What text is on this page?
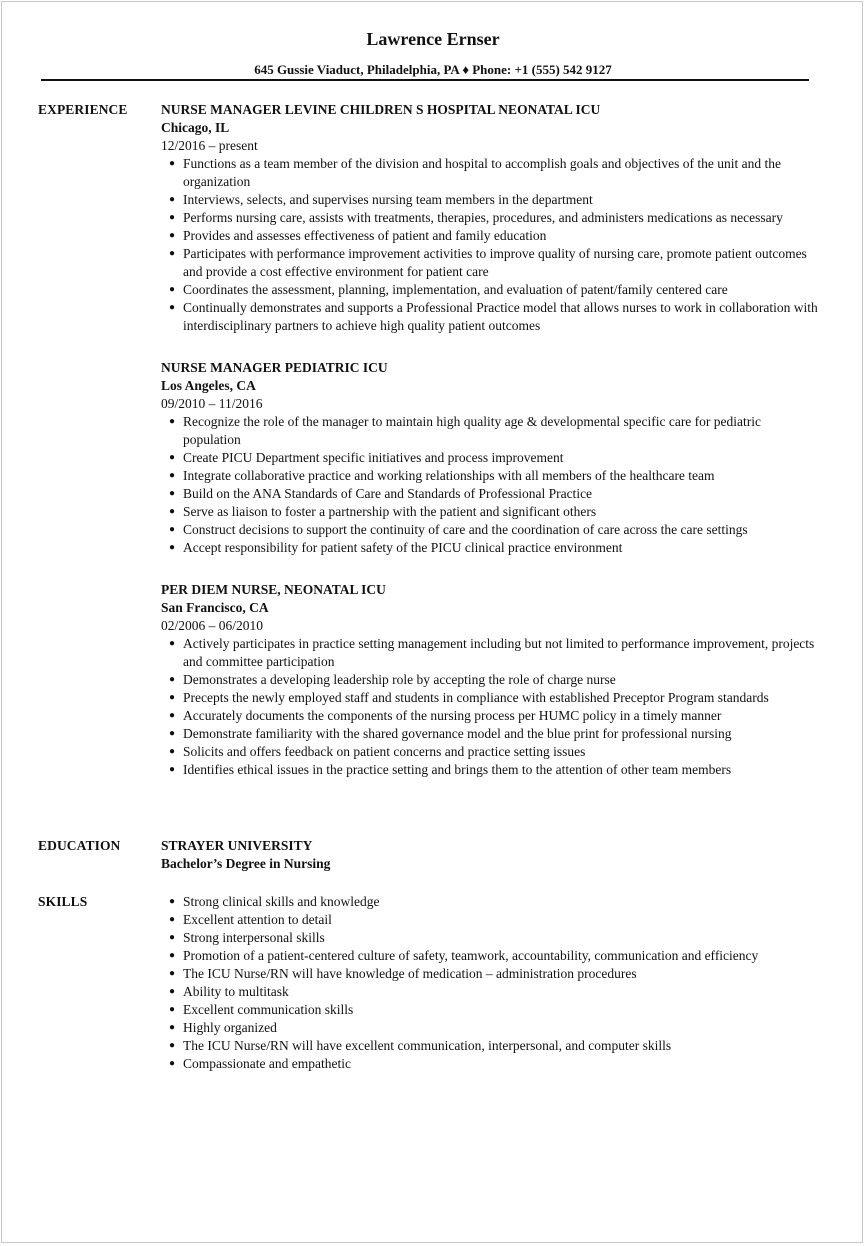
Lawrence Ernser
645 Gussie Viaduct, Philadelphia, PA ♦ Phone: +1 (555) 542 9127
EXPERIENCE NURSE MANAGER LEVINE CHILDREN S HOSPITAL NEONATAL ICU
Chicago, IL
12/2016 – present
● Functions as a team member of the division and hospital to accomplish goals and objectives of the unit and the organization
● Interviews, selects, and supervises nursing team members in the department
● Performs nursing care, assists with treatments, therapies, procedures, and administers medications as necessary
● Provides and assesses effectiveness of patient and family education
● Participates with performance improvement activities to improve quality of nursing care, promote patient outcomes and provide a cost effective environment for patient care
● Coordinates the assessment, planning, implementation, and evaluation of patent/family centered care
● Continually demonstrates and supports a Professional Practice model that allows nurses to work in collaboration with interdisciplinary partners to achieve high quality patient outcomes
NURSE MANAGER PEDIATRIC ICU
Los Angeles, CA
09/2010 – 11/2016
● Recognize the role of the manager to maintain high quality age & developmental specific care for pediatric population
● Create PICU Department specific initiatives and process improvement
● Integrate collaborative practice and working relationships with all members of the healthcare team
● Build on the ANA Standards of Care and Standards of Professional Practice
● Serve as liaison to foster a partnership with the patient and significant others
● Construct decisions to support the continuity of care and the coordination of care across the care settings
● Accept responsibility for patient safety of the PICU clinical practice environment
PER DIEM NURSE, NEONATAL ICU
San Francisco, CA
02/2006 – 06/2010
● Actively participates in practice setting management including but not limited to performance improvement, projects and committee participation
● Demonstrates a developing leadership role by accepting the role of charge nurse
● Precepts the newly employed staff and students in compliance with established Preceptor Program standards
● Accurately documents the components of the nursing process per HUMC policy in a timely manner
● Demonstrate familiarity with the shared governance model and the blue print for professional nursing
● Solicits and offers feedback on patient concerns and practice setting issues
● Identifies ethical issues in the practice setting and brings them to the attention of other team members
EDUCATION	STRAYER UNIVERSITY
Bachelor’s Degree in Nursing
SKILLS	● Strong clinical skills and knowledge
● Excellent attention to detail
● Strong interpersonal skills
● Promotion of a patient-centered culture of safety, teamwork, accountability, communication and efficiency
● The ICU Nurse/RN will have knowledge of medication – administration procedures
● Ability to multitask
● Excellent communication skills
● Highly organized
● The ICU Nurse/RN will have excellent communication, interpersonal, and computer skills
● Compassionate and empathetic
